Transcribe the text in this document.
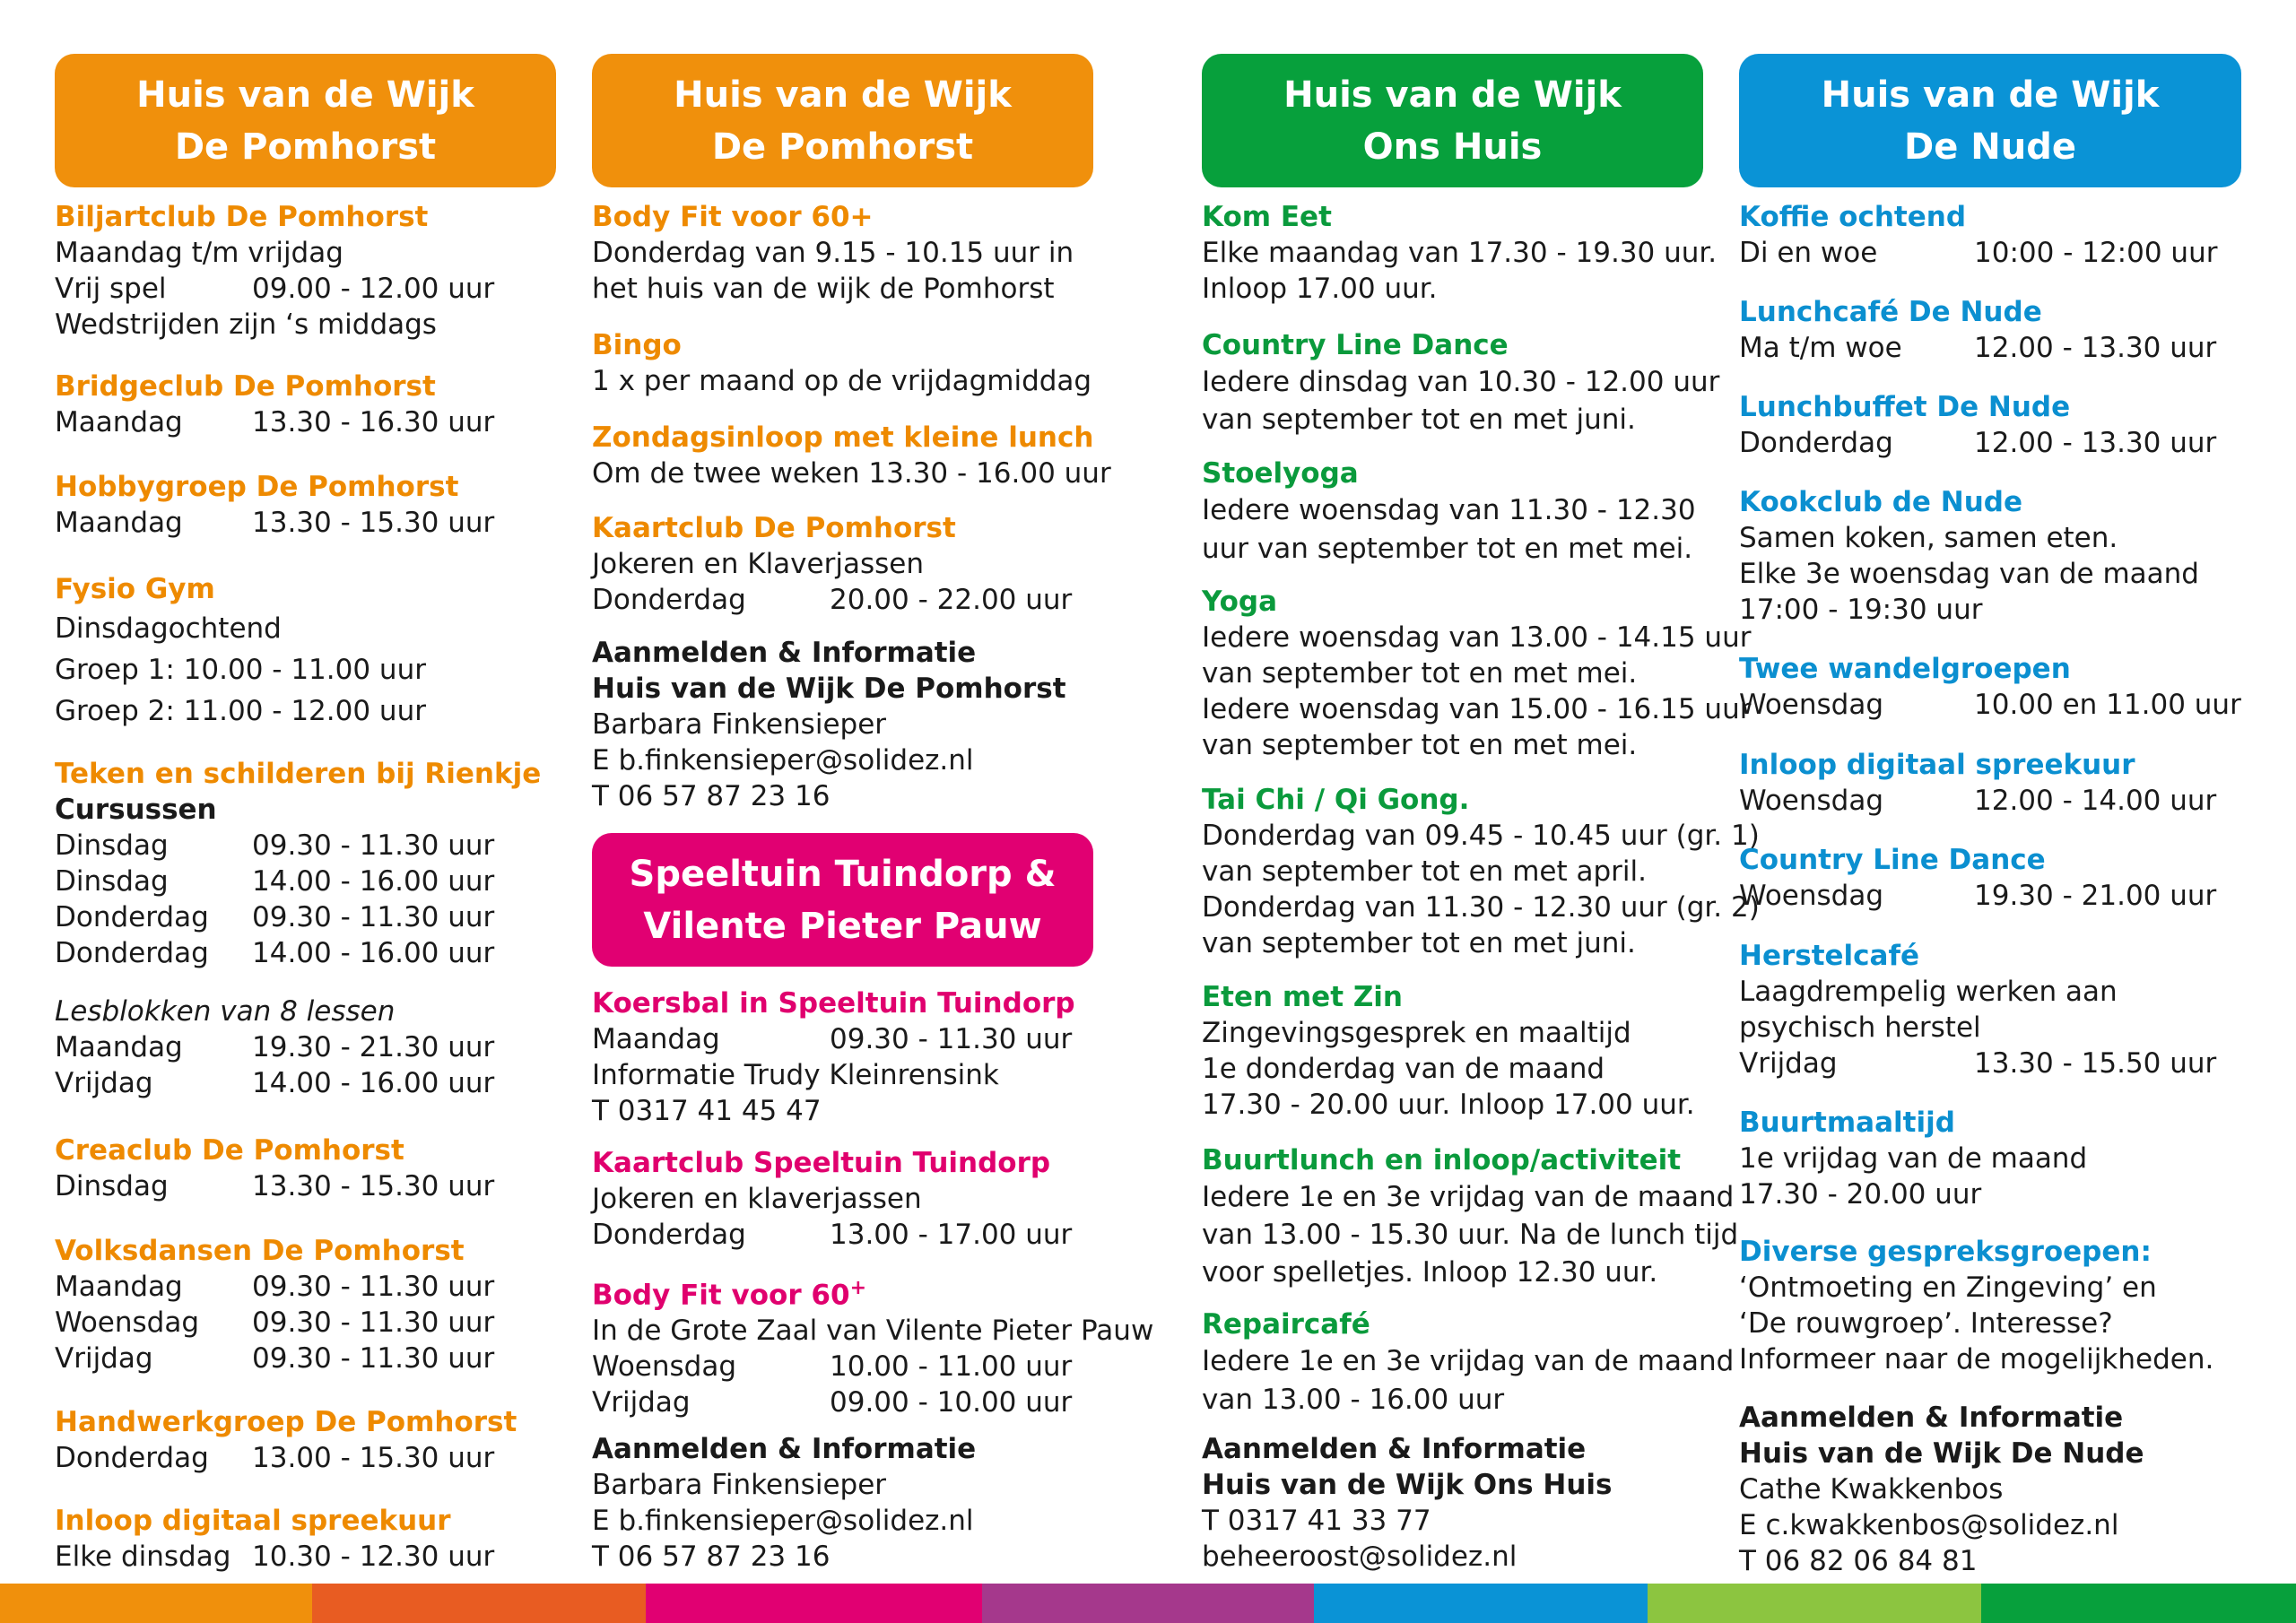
Huis van de Wijk
De Pomhorst
Biljartclub De Pomhorst
Maandag t/m vrijdag
Vrij spel	09.00 - 12.00 uur
Wedstrijden zijn ‘s middags
Bridgeclub De Pomhorst
Maandag	13.30 - 16.30 uur
Hobbygroep De Pomhorst
Maandag	13.30 - 15.30 uur
Fysio Gym
Dinsdagochtend
Groep 1: 10.00 - 11.00 uur
Groep 2: 11.00 - 12.00 uur
Teken en schilderen bij Rienkje
Cursussen
Dinsdag	09.30 - 11.30 uur
Dinsdag	14.00 - 16.00 uur
Donderdag	09.30 - 11.30 uur
Donderdag	14.00 - 16.00 uur
Lesblokken van 8 lessen
Maandag	19.30 - 21.30 uur
Vrijdag	14.00 - 16.00 uur
Creaclub De Pomhorst
Dinsdag	13.30 - 15.30 uur
Volksdansen De Pomhorst
Maandag	09.30 - 11.30 uur
Woensdag	09.30 - 11.30 uur
Vrijdag	09.30 - 11.30 uur
Handwerkgroep De Pomhorst
Donderdag	13.00 - 15.30 uur
Inloop digitaal spreekuur
Elke dinsdag 10.30 - 12.30 uur
Huis van de Wijk
De Pomhorst
Body Fit voor 60+
Donderdag van 9.15 - 10.15 uur in
het huis van de wijk de Pomhorst
Bingo
1 x per maand op de vrijdagmiddag
Zondagsinloop met kleine lunch
Om de twee weken 13.30 - 16.00 uur
Kaartclub De Pomhorst
Jokeren en Klaverjassen
Donderdag	20.00 - 22.00 uur
Aanmelden & Informatie
Huis van de Wijk De Pomhorst
Barbara Finkensieper
E b.finkensieper@solidez.nl
T 06 57 87 23 16
Speeltuin Tuindorp &
Vilente Pieter Pauw
Koersbal in Speeltuin Tuindorp
Maandag	09.30 - 11.30 uur
Informatie Trudy Kleinrensink
T 0317 41 45 47
Kaartclub Speeltuin Tuindorp
Jokeren en klaverjassen
Donderdag	13.00 - 17.00 uur
Body Fit voor 60+
In de Grote Zaal van Vilente Pieter Pauw
Woensdag	10.00 - 11.00 uur
Vrijdag	09.00 - 10.00 uur
Aanmelden & Informatie
Barbara Finkensieper
E b.finkensieper@solidez.nl
T 06 57 87 23 16
Huis van de Wijk
Ons Huis
Kom Eet
Elke maandag van 17.30 - 19.30 uur.
Inloop 17.00 uur.
Country Line Dance
Iedere dinsdag van 10.30 - 12.00 uur
van september tot en met juni.
Stoelyoga
Iedere woensdag van 11.30 - 12.30
uur van september tot en met mei.
Yoga
Iedere woensdag van 13.00 - 14.15 uur
van september tot en met mei.
Iedere woensdag van 15.00 - 16.15 uur
van september tot en met mei.
Tai Chi / Qi Gong.
Donderdag van 09.45 - 10.45 uur (gr. 1)
van september tot en met april.
Donderdag van 11.30 - 12.30 uur (gr. 2)
van september tot en met juni.
Eten met Zin
Zingevingsgesprek en maaltijd
1e donderdag van de maand
17.30 - 20.00 uur. Inloop 17.00 uur.
Buurtlunch en inloop/activiteit
Iedere 1e en 3e vrijdag van de maand
van 13.00 - 15.30 uur. Na de lunch tijd
voor spelletjes. Inloop 12.30 uur.
Repaircafé
Iedere 1e en 3e vrijdag van de maand
van 13.00 - 16.00 uur
Aanmelden & Informatie
Huis van de Wijk Ons Huis
T 0317 41 33 77
beheeroost@solidez.nl
Huis van de Wijk
De Nude
Koffie ochtend
Di en woe	10:00 - 12:00 uur
Lunchcafé De Nude
Ma t/m woe	12.00 - 13.30 uur
Lunchbuffet De Nude
Donderdag	12.00 - 13.30 uur
Kookclub de Nude
Samen koken, samen eten.
Elke 3e woensdag van de maand
17:00 - 19:30 uur
Twee wandelgroepen
Woensdag	10.00 en 11.00 uur
Inloop digitaal spreekuur
Woensdag	12.00 - 14.00 uur
Country Line Dance
Woensdag	19.30 - 21.00 uur
Herstelcafé
Laagdrempelig werken aan
psychisch herstel
Vrijdag	13.30 - 15.50 uur
Buurtmaaltijd
1e vrijdag van de maand
17.30 - 20.00 uur
Diverse gespreksgroepen:
‘Ontmoeting en Zingeving’ en
‘De rouwgroep’. Interesse?
Informeer naar de mogelijkheden.
Aanmelden & Informatie
Huis van de Wijk De Nude
Cathe Kwakkenbos
E c.kwakkenbos@solidez.nl
T 06 82 06 84 81
